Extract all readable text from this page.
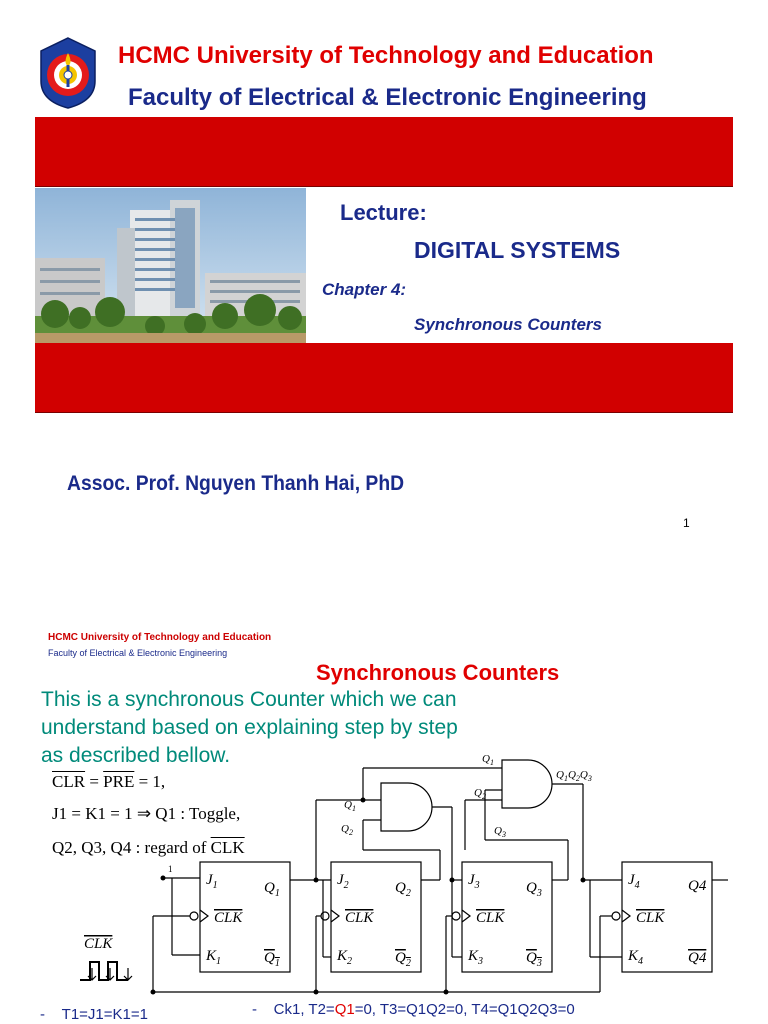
HCMC University of Technology and Education
Faculty of Electrical & Electronic Engineering
Lecture:
DIGITAL SYSTEMS
Chapter 4:
Synchronous Counters
Assoc. Prof. Nguyen Thanh Hai, PhD
1
HCMC University of Technology and Education
Faculty of Electrical & Electronic Engineering
Synchronous Counters
This is a synchronous Counter which we can understand based on explaining step by step as described bellow.
$\overline{CLR} = \overline{PRE} = 1$,
J1 = K1 = 1 ⇒ Q1 : Toggle,
Q2, Q3, Q4 : regard of $\overline{CLK}$
1
CLK
$J_1$	$Q_1$
CLK
$K_1$	$Q_1$
$J_2$	$Q_2$
CLK
$K_2$	$Q_2$
$J_3$	$Q_3$
CLK
$K_3$	$Q_3$
$J_4$	Q4
CLK
$K_4$	Q4
$Q_1$
$Q_2$
$Q_1$
$Q_2$
$Q_3$
$Q_1Q_2Q_3$
- T1=J1=K1=1	- Ck1, T2=Q1=0, T3=Q1Q2=0, T4=Q1Q2Q3=0
